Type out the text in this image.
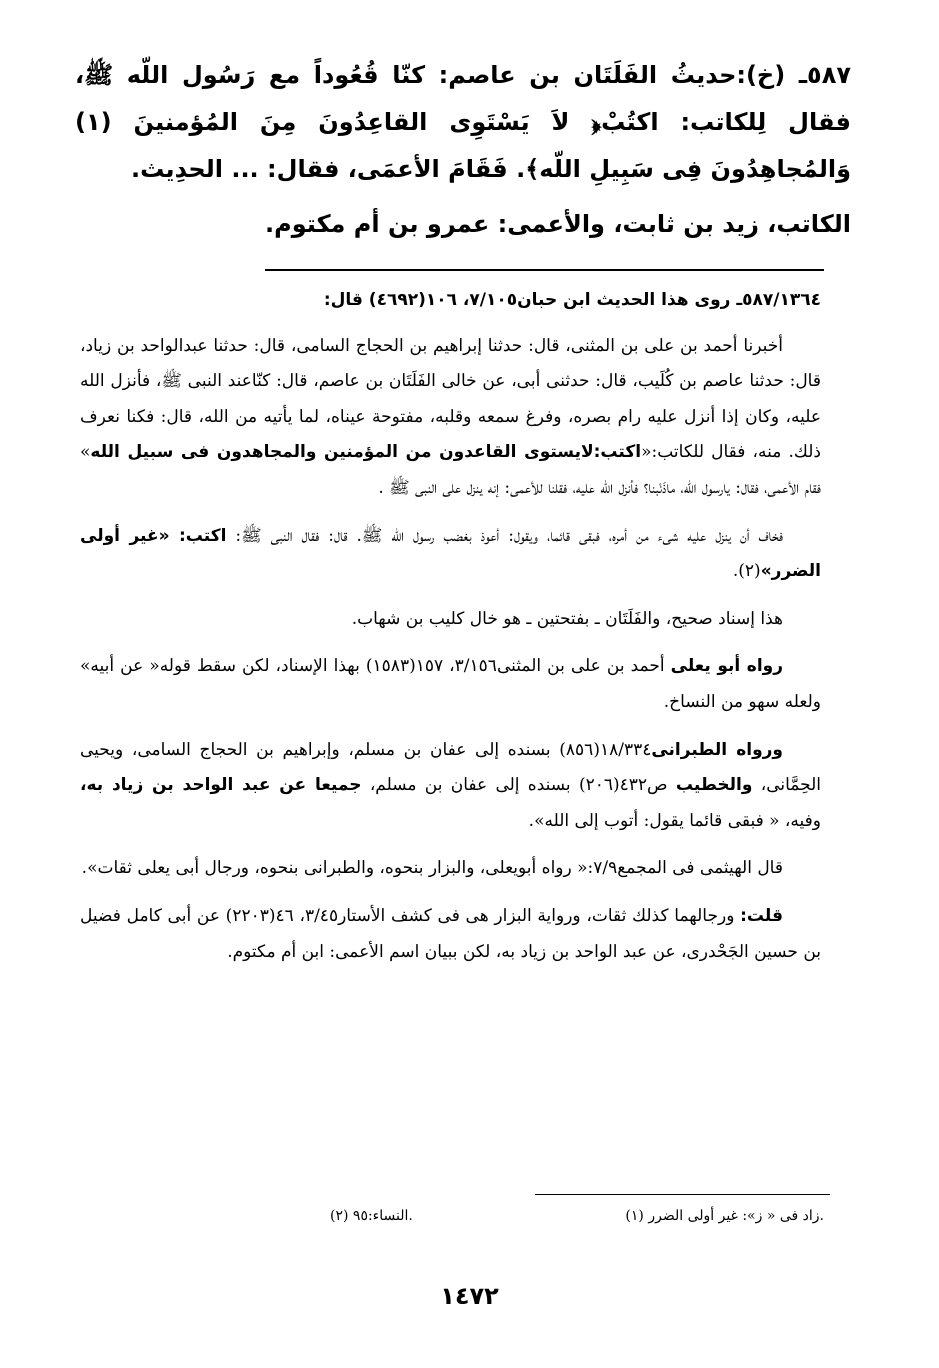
٥٨٧ـ (خ):حديثُ الفَلَتَان بن عاصم: كنّا قُعُوداً مع رَسُول اللّه ﷺ، فقال لِلكاتب: اكتُبْ﴿ لاَ يَسْتَوِى القاعِدُونَ مِنَ المُؤمنينَ (١) وَالمُجاهِدُونَ فِى سَبِيلِ اللّه﴾. فَقَامَ الأعمَى، فقال: ... الحدِيث.

الكاتب، زيد بن ثابت، والأعمى: عمرو بن أم مكتوم.

٥٨٧/١٣٦٤ـ روى هذا الحديث ابن حبان٧/١٠٥، ١٠٦(٤٦٩٢) قال:

أخبرنا أحمد بن على بن المثنى، قال: حدثنا إبراهيم بن الحجاج السامى، قال: حدثنا عبدالواحد بن زياد، قال: حدثنا عاصم بن كُلَيب، قال: حدثنى أبى، عن خالى الفَلَتَان بن عاصم، قال: كنّاعند النبى ﷺ، فأنزل الله عليه، وكان إذا أنزل عليه رام بصره، وفرغ سمعه وقلبه، مفتوحة عيناه، لما يأتيه من الله، قال: فكنا نعرف ذلك. منه، فقال للكاتب:«اكتب:لايستوى القاعدون من المؤمنين والمجاهدون فى سبيل الله» فقام الأعمى، فقال: يارسول الله، ماذَنْبنا؟ فأنزل الله عليه، فقلنا للأعمى: إنه ينزل على النبى ﷺ .

فخاف أن ينزل عليه شىء من أمره، فبقى قائما، ويقول: أعوذ بغضب رسول الله ﷺ. قال: فقال النبى ﷺ: اكتب: «غير أولى الضرر»(٢).

هذا إسناد صحيح، والفَلَتَان ـ بفتحتين ـ هو خال كليب بن شهاب.

رواه أبو يعلى أحمد بن على بن المثنى٣/١٥٦، ١٥٧(١٥٨٣) بهذا الإسناد، لكن سقط قوله« عن أبيه» ولعله سهو من النساخ.

ورواه الطبرانى١٨/٣٣٤(٨٥٦) بسنده إلى عفان بن مسلم، وإبراهيم بن الحجاج السامى، ويحيى الحِمَّانى، والخطيب ص٤٣٢(٢٠٦) بسنده إلى عفان بن مسلم، جميعا عن عبد الواحد بن زياد به، وفيه، « فبقى قائما يقول: أتوب إلى الله».

قال الهيثمى فى المجمع٧/٩:« رواه أبويعلى، والبزار بنحوه، والطبرانى بنحوه، ورجال أبى يعلى ثقات».

قلت: ورجالهما كذلك ثقات، ورواية البزار هى فى كشف الأستار٣/٤٥، ٤٦(٢٢٠٣) عن أبى كامل فضيل بن حسين الجَحْدرى، عن عبد الواحد بن زياد به، لكن ببيان اسم الأعمى: ابن أم مكتوم.

(١) زاد فى « ز»: غير أولى الضرر.
(٢) النساء:٩٥.
١٤٧٢
